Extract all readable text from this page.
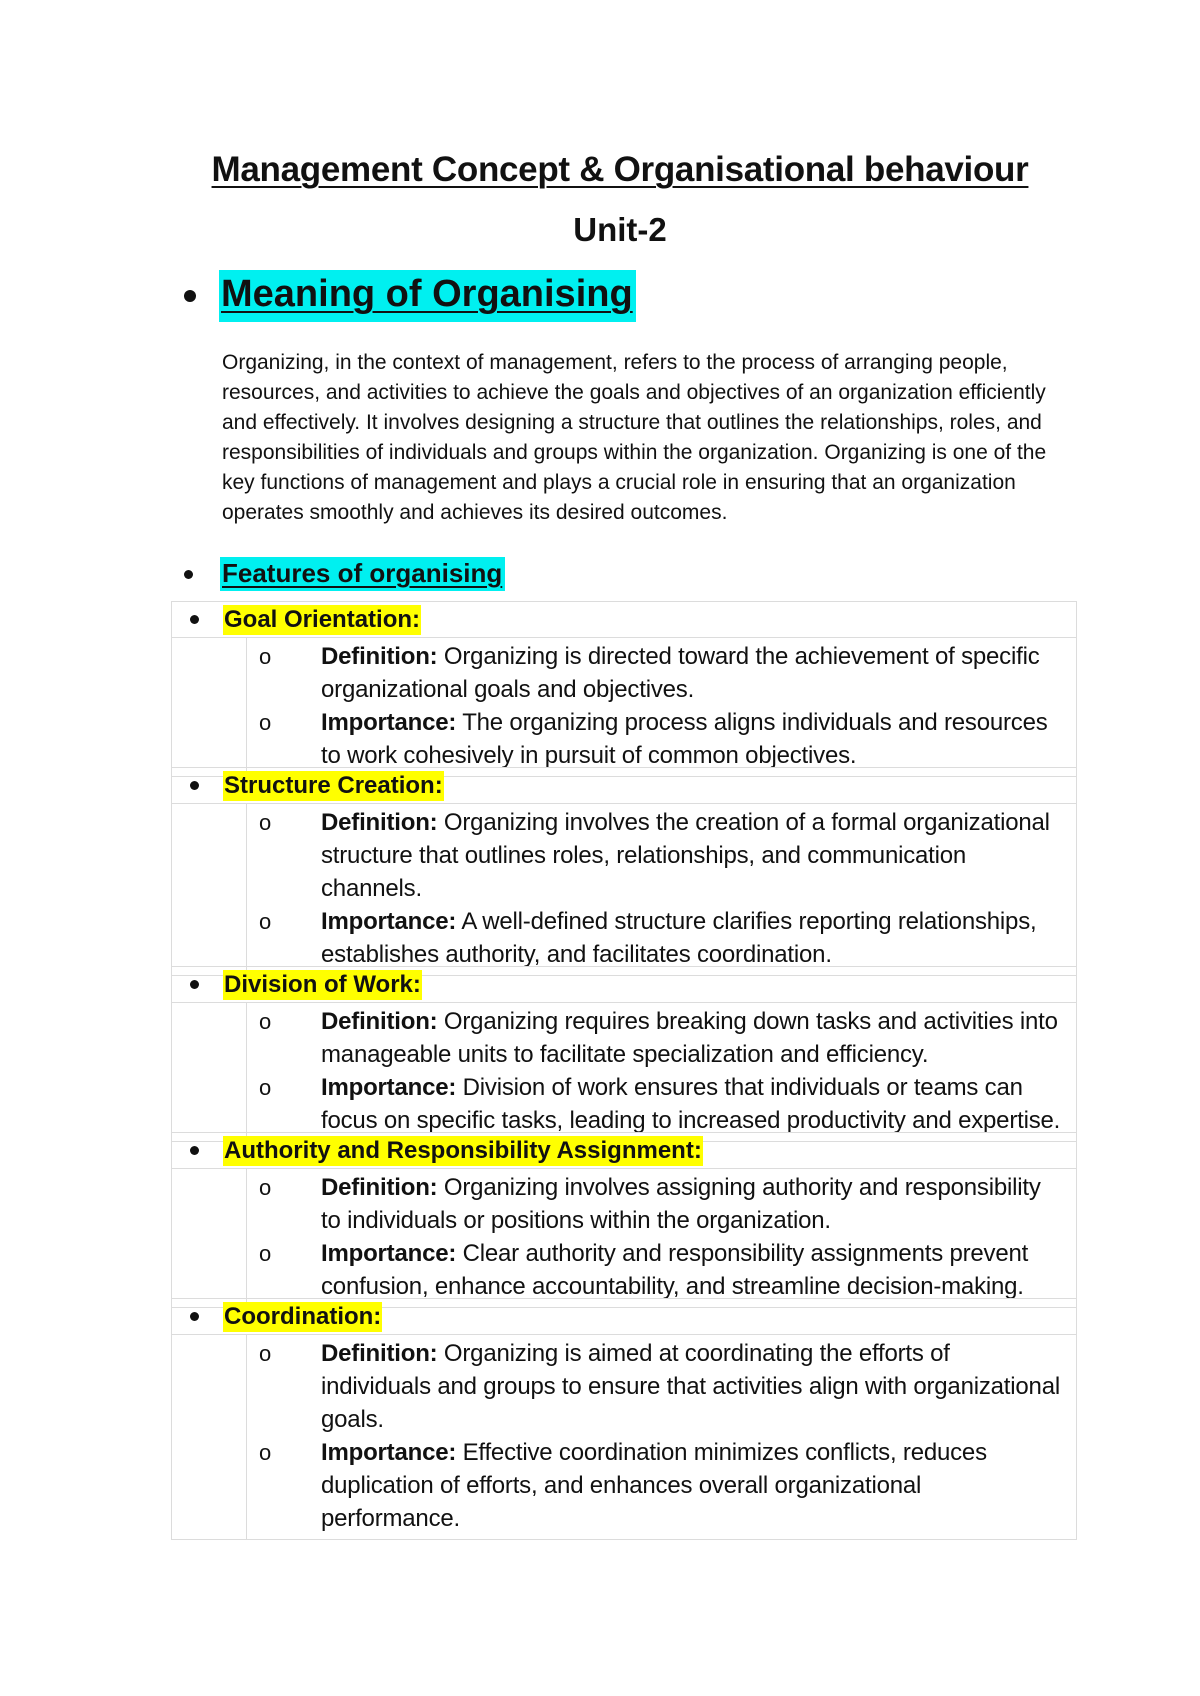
Management Concept & Organisational behaviour
Unit-2
Meaning of Organising

Organizing, in the context of management, refers to the process of arranging people, resources, and activities to achieve the goals and objectives of an organization efficiently and effectively. It involves designing a structure that outlines the relationships, roles, and responsibilities of individuals and groups within the organization. Organizing is one of the key functions of management and plays a crucial role in ensuring that an organization operates smoothly and achieves its desired outcomes.

Features of organising
Goal Orientation:
o	Definition: Organizing is directed toward the achievement of specific organizational goals and objectives.
o	Importance: The organizing process aligns individuals and resources to work cohesively in pursuit of common objectives.
Structure Creation:
o	Definition: Organizing involves the creation of a formal organizational structure that outlines roles, relationships, and communication channels.
o	Importance: A well-defined structure clarifies reporting relationships, establishes authority, and facilitates coordination.
Division of Work:
o	Definition: Organizing requires breaking down tasks and activities into manageable units to facilitate specialization and efficiency.
o	Importance: Division of work ensures that individuals or teams can focus on specific tasks, leading to increased productivity and expertise.
Authority and Responsibility Assignment:
o	Definition: Organizing involves assigning authority and responsibility to individuals or positions within the organization.
o	Importance: Clear authority and responsibility assignments prevent confusion, enhance accountability, and streamline decision-making.
Coordination:
o	Definition: Organizing is aimed at coordinating the efforts of individuals and groups to ensure that activities align with organizational goals.
o	Importance: Effective coordination minimizes conflicts, reduces duplication of efforts, and enhances overall organizational performance.
